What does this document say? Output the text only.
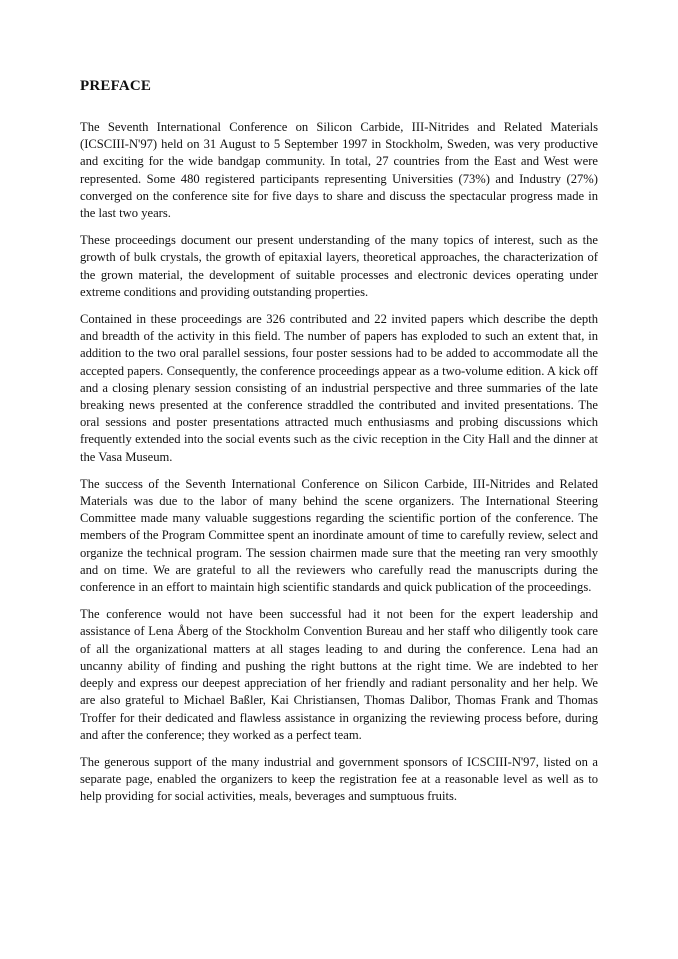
PREFACE

The Seventh International Conference on Silicon Carbide, III-Nitrides and Related Materials (ICSCIII-N'97) held on 31 August to 5 September 1997 in Stockholm, Sweden, was very productive and exciting for the wide bandgap community. In total, 27 countries from the East and West were represented. Some 480 registered participants representing Universities (73%) and Industry (27%) converged on the conference site for five days to share and discuss the spectacular progress made in the last two years.

These proceedings document our present understanding of the many topics of interest, such as the growth of bulk crystals, the growth of epitaxial layers, theoretical approaches, the characterization of the grown material, the development of suitable processes and electronic devices operating under extreme conditions and providing outstanding properties.

Contained in these proceedings are 326 contributed and 22 invited papers which describe the depth and breadth of the activity in this field. The number of papers has exploded to such an extent that, in addition to the two oral parallel sessions, four poster sessions had to be added to accommodate all the accepted papers. Consequently, the conference proceedings appear as a two-volume edition. A kick off and a closing plenary session consisting of an industrial perspective and three summaries of the late breaking news presented at the conference straddled the contributed and invited presentations. The oral sessions and poster presentations attracted much enthusiasms and probing discussions which frequently extended into the social events such as the civic reception in the City Hall and the dinner at the Vasa Museum.

The success of the Seventh International Conference on Silicon Carbide, III-Nitrides and Related Materials was due to the labor of many behind the scene organizers. The International Steering Committee made many valuable suggestions regarding the scientific portion of the conference. The members of the Program Committee spent an inordinate amount of time to carefully review, select and organize the technical program. The session chairmen made sure that the meeting ran very smoothly and on time. We are grateful to all the reviewers who carefully read the manuscripts during the conference in an effort to maintain high scientific standards and quick publication of the proceedings.

The conference would not have been successful had it not been for the expert leadership and assistance of Lena Åberg of the Stockholm Convention Bureau and her staff who diligently took care of all the organizational matters at all stages leading to and during the conference. Lena had an uncanny ability of finding and pushing the right buttons at the right time. We are indebted to her deeply and express our deepest appreciation of her friendly and radiant personality and her help. We are also grateful to Michael Baßler, Kai Christiansen, Thomas Dalibor, Thomas Frank and Thomas Troffer for their dedicated and flawless assistance in organizing the reviewing process before, during and after the conference; they worked as a perfect team.

The generous support of the many industrial and government sponsors of ICSCIII-N'97, listed on a separate page, enabled the organizers to keep the registration fee at a reasonable level as well as to help providing for social activities, meals, beverages and sumptuous fruits.
